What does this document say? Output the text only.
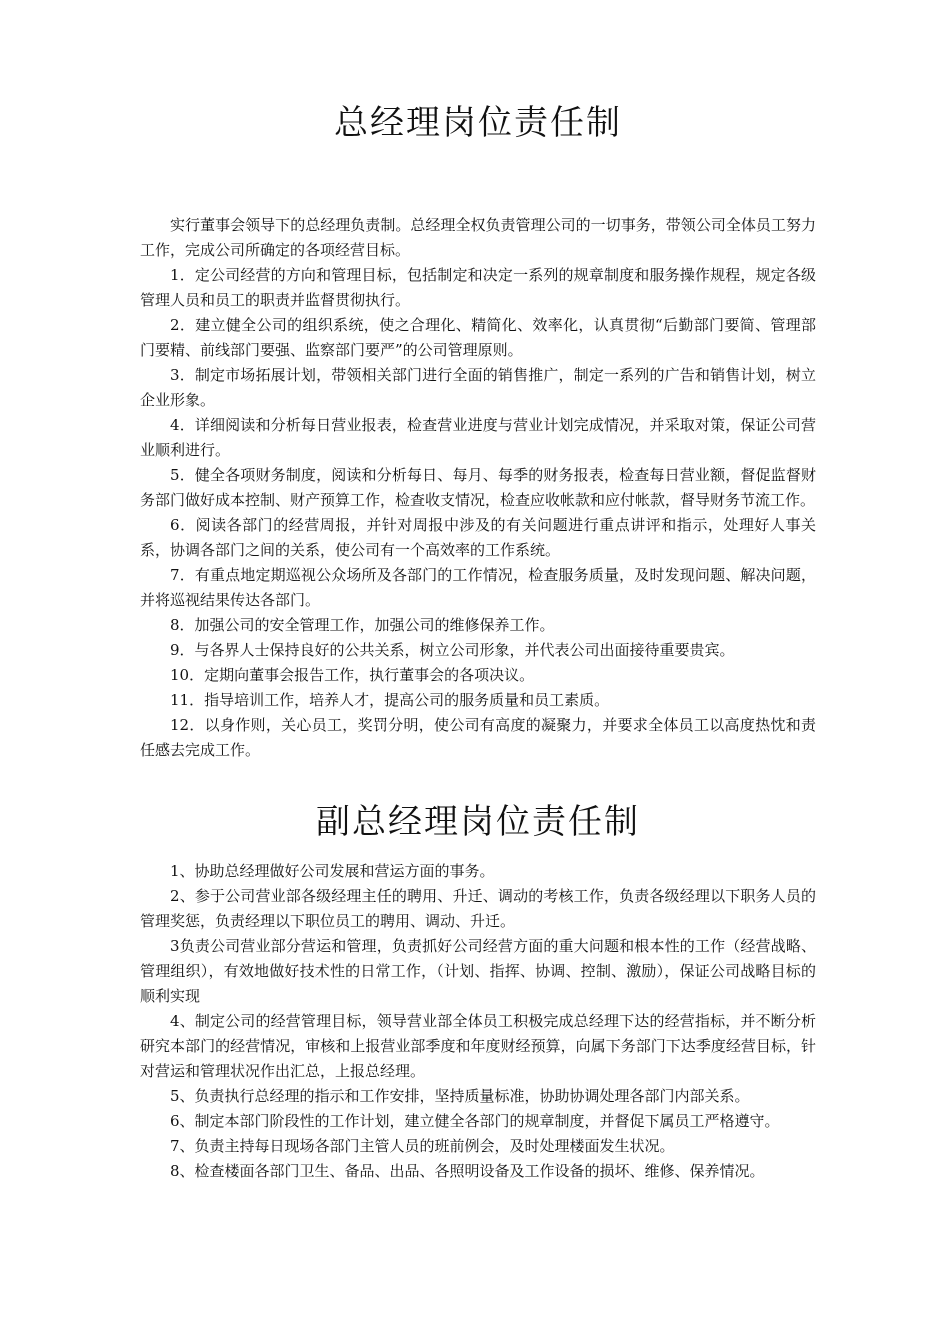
总经理岗位责任制

实行董事会领导下的总经理负责制。总经理全权负责管理公司的一切事务，带领公司全体员工努力工作，完成公司所确定的各项经营目标。

1．定公司经营的方向和管理目标，包括制定和决定一系列的规章制度和服务操作规程，规定各级管理人员和员工的职责并监督贯彻执行。

2．建立健全公司的组织系统，使之合理化、精简化、效率化，认真贯彻“后勤部门要简、管理部门要精、前线部门要强、监察部门要严”的公司管理原则。

3．制定市场拓展计划，带领相关部门进行全面的销售推广，制定一系列的广告和销售计划，树立企业形象。

4．详细阅读和分析每日营业报表，检查营业进度与营业计划完成情况，并采取对策，保证公司营业顺利进行。

5．健全各项财务制度，阅读和分析每日、每月、每季的财务报表，检查每日营业额，督促监督财务部门做好成本控制、财产预算工作，检查收支情况，检查应收帐款和应付帐款，督导财务节流工作。

6．阅读各部门的经营周报，并针对周报中涉及的有关问题进行重点讲评和指示，处理好人事关系，协调各部门之间的关系，使公司有一个高效率的工作系统。

7．有重点地定期巡视公众场所及各部门的工作情况，检查服务质量，及时发现问题、解决问题，并将巡视结果传达各部门。

8．加强公司的安全管理工作，加强公司的维修保养工作。

9．与各界人士保持良好的公共关系，树立公司形象，并代表公司出面接待重要贵宾。

10．定期向董事会报告工作，执行董事会的各项决议。

11．指导培训工作，培养人才，提高公司的服务质量和员工素质。

12．以身作则，关心员工，奖罚分明，使公司有高度的凝聚力，并要求全体员工以高度热忱和责任感去完成工作。

副总经理岗位责任制

1、协助总经理做好公司发展和营运方面的事务。

2、参于公司营业部各级经理主任的聘用、升迁、调动的考核工作，负责各级经理以下职务人员的管理奖惩，负责经理以下职位员工的聘用、调动、升迁。

3负责公司营业部分营运和管理，负责抓好公司经营方面的重大问题和根本性的工作（经营战略、管理组织），有效地做好技术性的日常工作，（计划、指挥、协调、控制、激励），保证公司战略目标的顺利实现

4、制定公司的经营管理目标，领导营业部全体员工积极完成总经理下达的经营指标，并不断分析研究本部门的经营情况，审核和上报营业部季度和年度财经预算，向属下务部门下达季度经营目标，针对营运和管理状况作出汇总，上报总经理。

5、负责执行总经理的指示和工作安排，坚持质量标准，协助协调处理各部门内部关系。

6、制定本部门阶段性的工作计划，建立健全各部门的规章制度，并督促下属员工严格遵守。

7、负责主持每日现场各部门主管人员的班前例会，及时处理楼面发生状况。

8、检查楼面各部门卫生、备品、出品、各照明设备及工作设备的损坏、维修、保养情况。
